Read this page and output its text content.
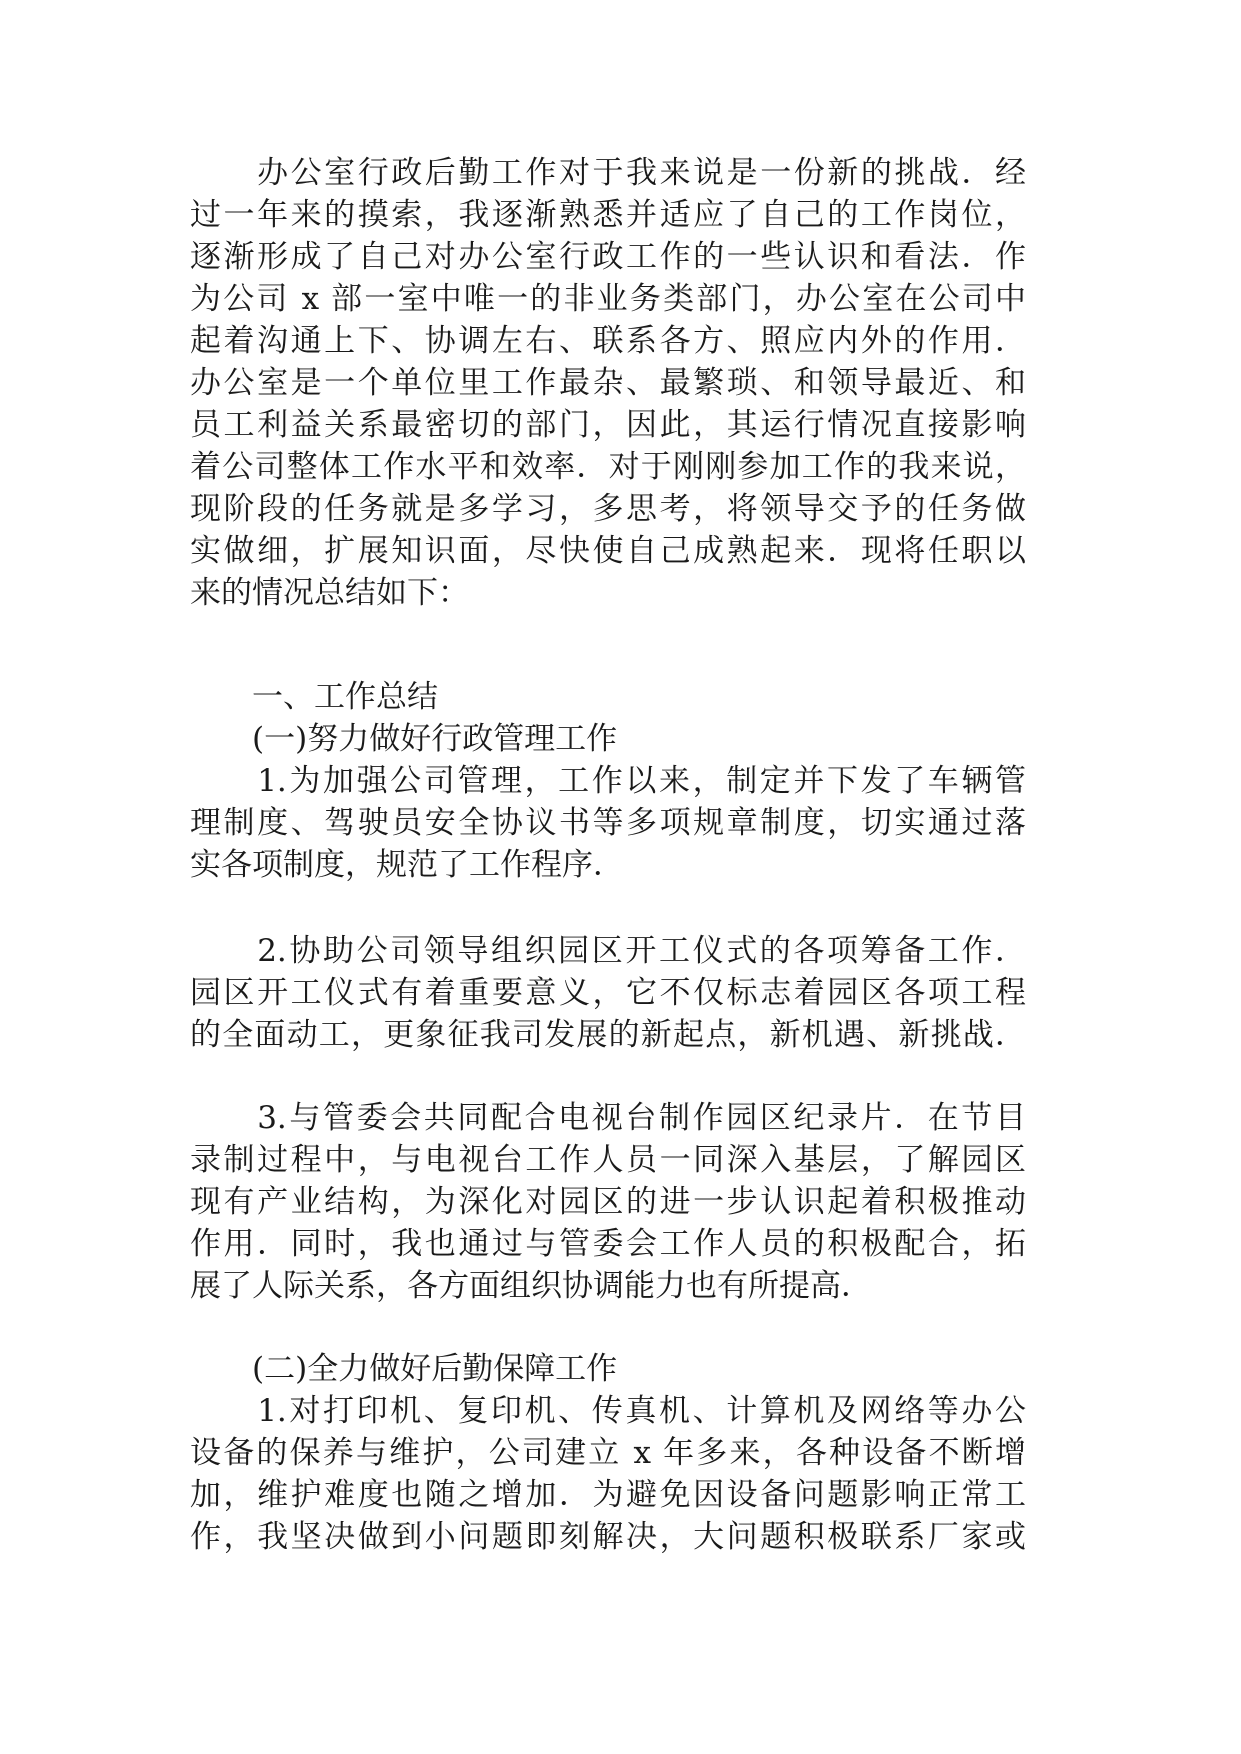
　　办公室行政后勤工作对于我来说是一份新的挑战．经
过一年来的摸索，我逐渐熟悉并适应了自己的工作岗位，
逐渐形成了自己对办公室行政工作的一些认识和看法．作
为公司 x 部一室中唯一的非业务类部门，办公室在公司中
起着沟通上下、协调左右、联系各方、照应内外的作用．
办公室是一个单位里工作最杂、最繁琐、和领导最近、和
员工利益关系最密切的部门，因此，其运行情况直接影响
着公司整体工作水平和效率．对于刚刚参加工作的我来说，
现阶段的任务就是多学习，多思考，将领导交予的任务做
实做细，扩展知识面，尽快使自己成熟起来．现将任职以
来的情况总结如下：
　　一、工作总结
　　(一)努力做好行政管理工作
　　1.为加强公司管理，工作以来，制定并下发了车辆管
理制度、驾驶员安全协议书等多项规章制度，切实通过落
实各项制度，规范了工作程序．
　　2.协助公司领导组织园区开工仪式的各项筹备工作．
园区开工仪式有着重要意义，它不仅标志着园区各项工程
的全面动工，更象征我司发展的新起点，新机遇、新挑战．
　　3.与管委会共同配合电视台制作园区纪录片．在节目
录制过程中，与电视台工作人员一同深入基层，了解园区
现有产业结构，为深化对园区的进一步认识起着积极推动
作用．同时，我也通过与管委会工作人员的积极配合，拓
展了人际关系，各方面组织协调能力也有所提高．
　　(二)全力做好后勤保障工作
　　1.对打印机、复印机、传真机、计算机及网络等办公
设备的保养与维护，公司建立 x 年多来，各种设备不断增
加，维护难度也随之增加．为避免因设备问题影响正常工
作，我坚决做到小问题即刻解决，大问题积极联系厂家或
